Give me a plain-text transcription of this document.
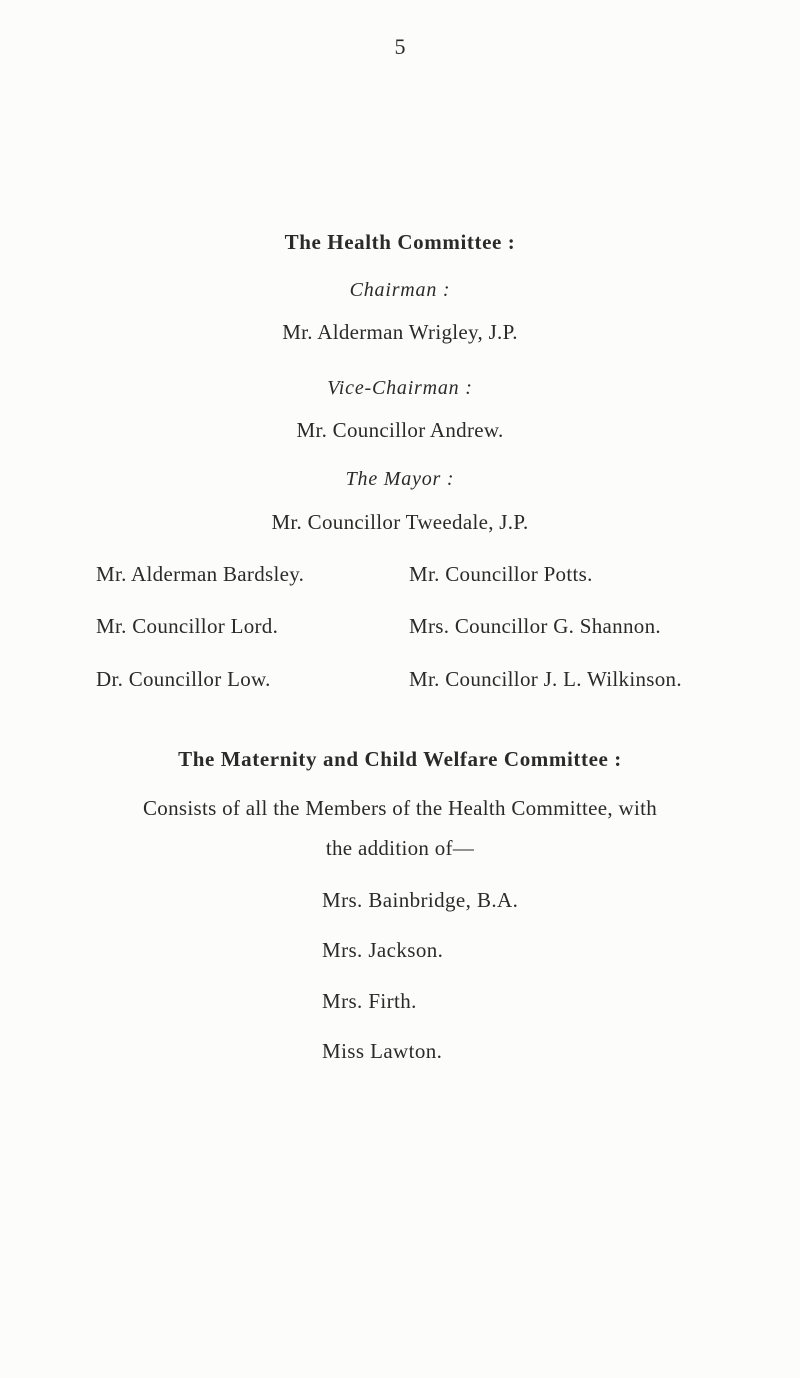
5
The Health Committee :
Chairman :
Mr. Alderman Wrigley, J.P.
Vice-Chairman :
Mr. Councillor Andrew.
The Mayor :
Mr. Councillor Tweedale, J.P.
Mr. Alderman Bardsley.
Mr. Councillor Lord.
Dr. Councillor Low.
Mr. Councillor Potts.
Mrs. Councillor G. Shannon.
Mr. Councillor J. L. Wilkinson.
The Maternity and Child Welfare Committee :
Consists of all the Members of the Health Committee, with
the addition of—
Mrs. Bainbridge, B.A.
Mrs. Jackson.
Mrs. Firth.
Miss Lawton.
